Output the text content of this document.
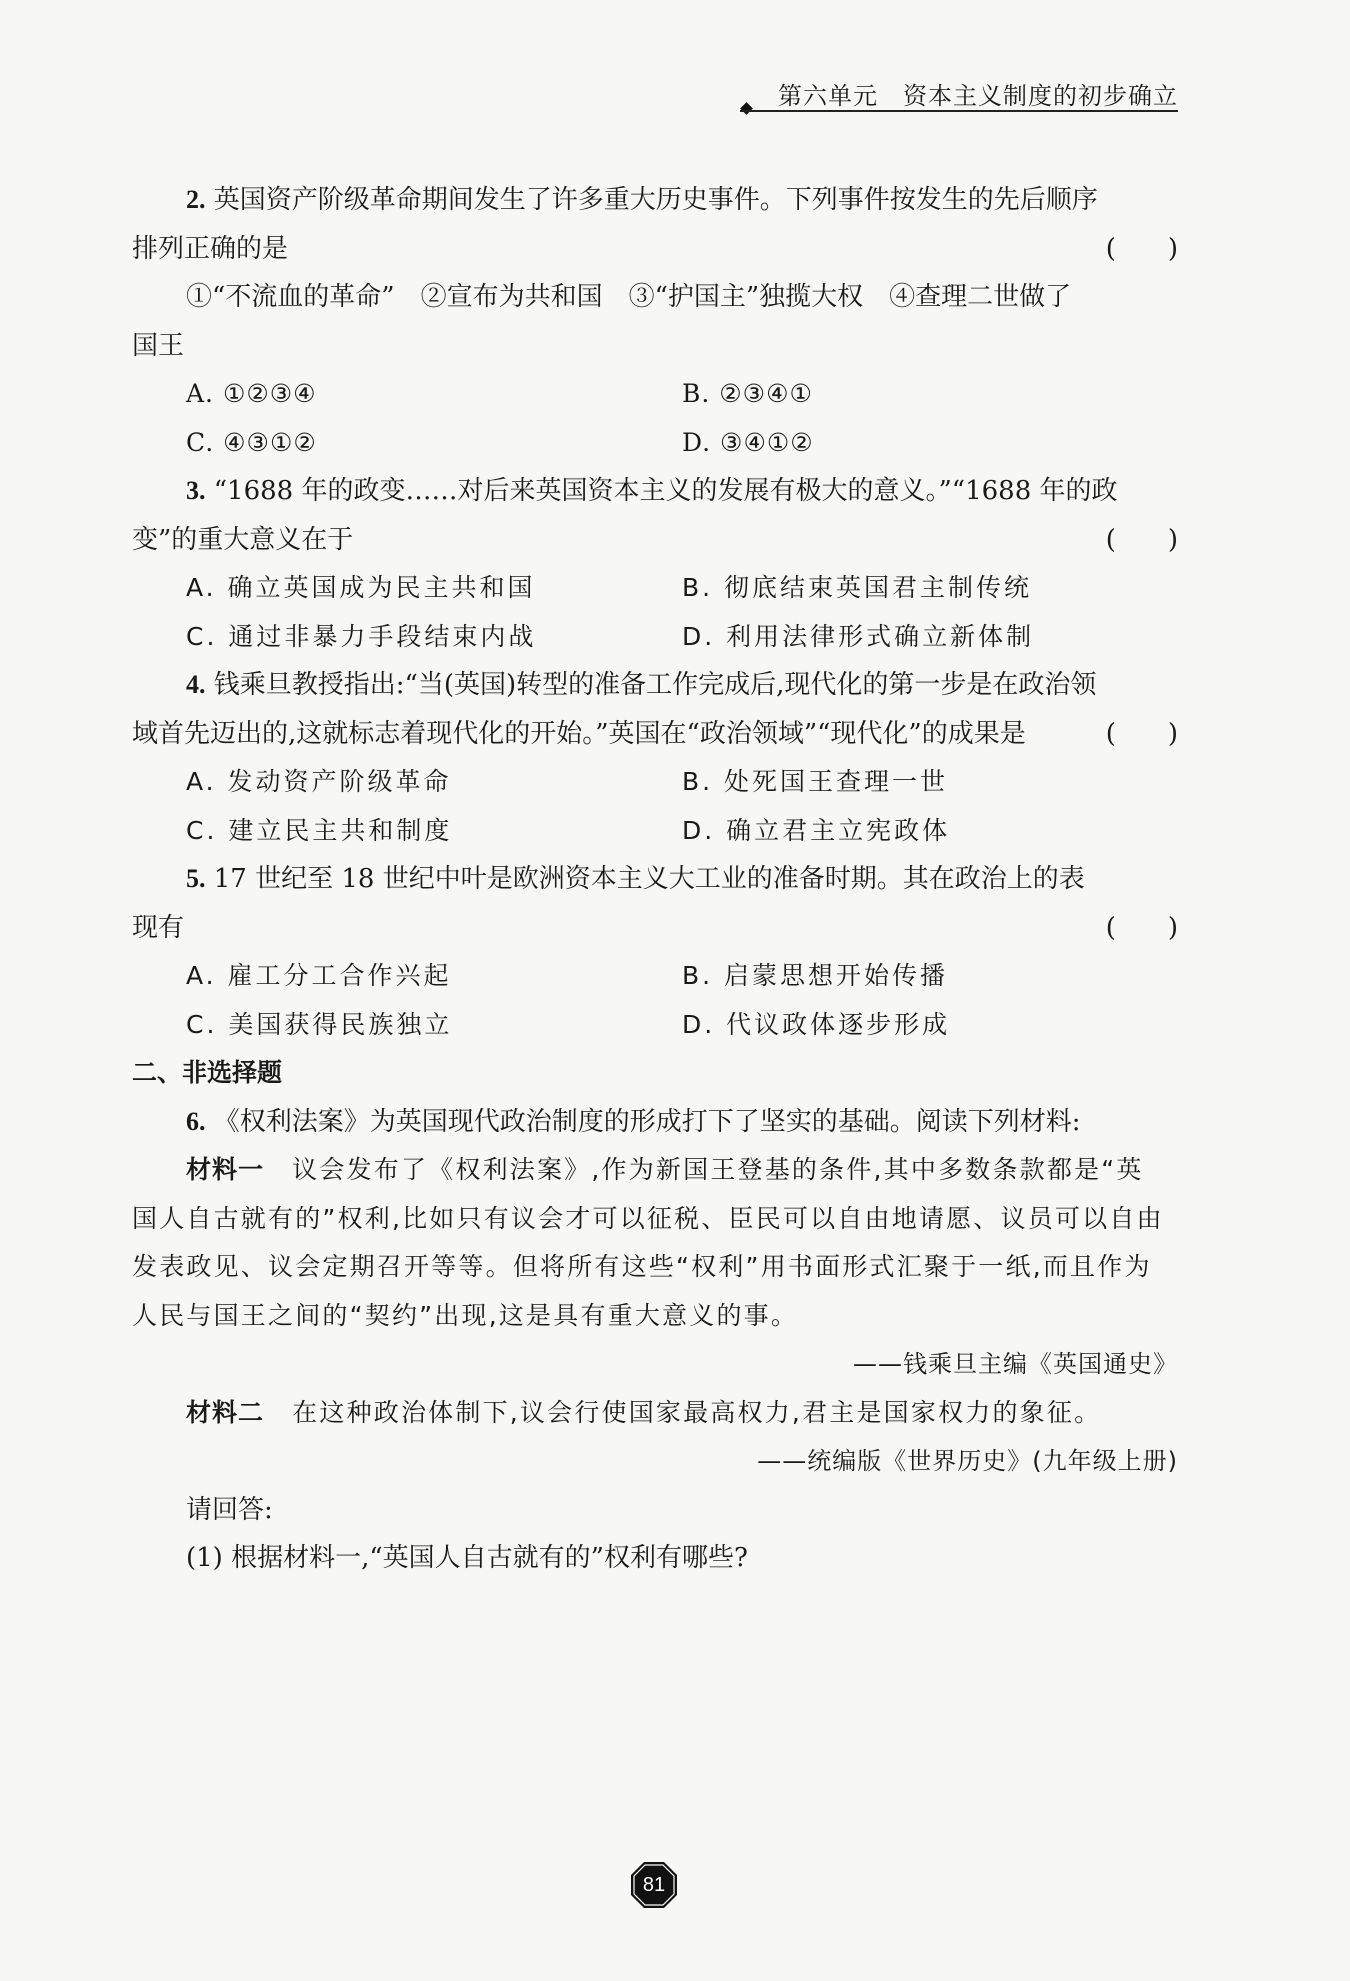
第六单元　资本主义制度的初步确立
2. 英国资产阶级革命期间发生了许多重大历史事件。下列事件按发生的先后顺序
排列正确的是	(　　)
①“不流血的革命”　②宣布为共和国　③“护国主”独揽大权　④查理二世做了
国王
A. ①②③④	B. ②③④①
C. ④③①②	D. ③④①②
3. “1688 年的政变……对后来英国资本主义的发展有极大的意义。”“1688 年的政
变”的重大意义在于	(　　)
A. 确立英国成为民主共和国	B. 彻底结束英国君主制传统
C. 通过非暴力手段结束内战	D. 利用法律形式确立新体制
4. 钱乘旦教授指出:“当(英国)转型的准备工作完成后,现代化的第一步是在政治领
域首先迈出的,这就标志着现代化的开始。”英国在“政治领域”“现代化”的成果是	(　　)
A. 发动资产阶级革命	B. 处死国王查理一世
C. 建立民主共和制度	D. 确立君主立宪政体
5. 17 世纪至 18 世纪中叶是欧洲资本主义大工业的准备时期。其在政治上的表
现有	(　　)
A. 雇工分工合作兴起	B. 启蒙思想开始传播
C. 美国获得民族独立	D. 代议政体逐步形成
二、非选择题
6. 《权利法案》为英国现代政治制度的形成打下了坚实的基础。阅读下列材料:
材料一 议会发布了《权利法案》,作为新国王登基的条件,其中多数条款都是“英
国人自古就有的”权利,比如只有议会才可以征税、臣民可以自由地请愿、议员可以自由
发表政见、议会定期召开等等。但将所有这些“权利”用书面形式汇聚于一纸,而且作为
人民与国王之间的“契约”出现,这是具有重大意义的事。
——钱乘旦主编《英国通史》
材料二 在这种政治体制下,议会行使国家最高权力,君主是国家权力的象征。
——统编版《世界历史》(九年级上册)
请回答:
(1) 根据材料一,“英国人自古就有的”权利有哪些?
81
